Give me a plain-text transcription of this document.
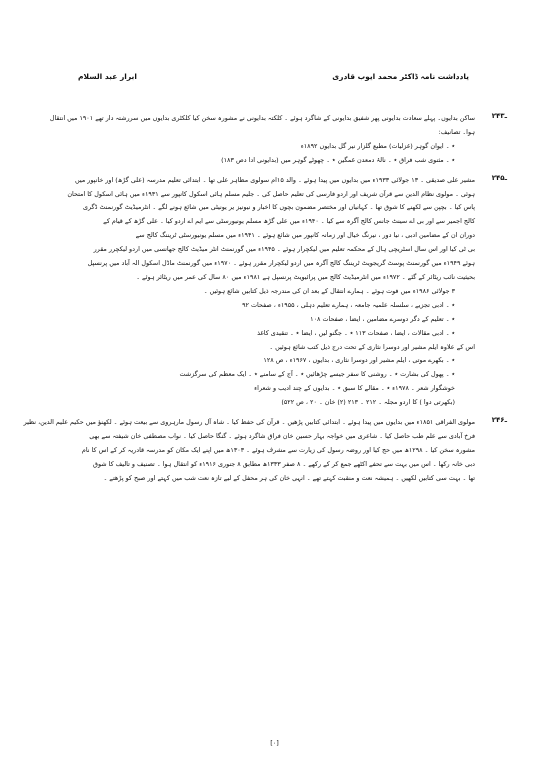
یادداشت نامہ ڈاکٹر محمد ایوب قادری
ابرار عبد السلام
۲۴۳ـ
ساکن بدایوں۔ پہلے سعادت بدایونی پھر شفیق بدایونی کے شاگرد ہوئے ۔ کلکتہ بدایونی نے مشورہ سخن کیا کلکٹری بدایوں میں سررشتہ دار تھے ۱۹۰۱ میں انتقال
ہوا۔ تصانیف:
٭ ۔ ایوان گوہر (غزلیات) مطبع گلزار نیر گل بدایوں ۱۸۹۲ء
٭ ۔ مثنوی شب فراق ٭ ۔ نالۂ دمعدن غمگین ٭ ۔ چھوٹے گوہر میں (بدایونی ادا دص ۱۸۳)
۲۴۵ـ
مشیر علی صدیقی ۔ ۱۳ جولائی ۱۹۳۳ء میں بدایوں میں پیدا ہوئے ۔ والد ۱۵ام سولوی مظاہر علی تھا ۔ ابتدائی تعلیم مدرسہ (علی گڑھ) اور خانپور میں
ہوئی ۔ مولوی نظام الدین سے قرآن شریف اور اردو فارسی کی تعلیم حاصل کی ۔ جلیم مسلم ہائی اسکول کانپور سے ۱۹۳۱ء میں ہائی اسکول کا امتحان
پاس کیا ۔ بچپن سے لکھنے کا شوق تھا ۔ کہانیاں اور مختصر مضمون بچوں کا اخبار و نیونیز یر یونیٹی میں شائع ہونے لگے ۔ انٹرمیڈیٹ گورنمنٹ ڈگری
کالج اجمیر سے اور بی اے سینٹ جانس کالج آگرہ سے کیا ۔ ۱۹۴۰ء میں علی گڑھ مسلم یونیورسٹی سے ایم اے اردو کیا ۔ علی گڑھ کے قیام کے
دوران ان کے مضامین ادبی ، نیا دور ، نیرنگ خیال اور زمانہ کانپور میں شائع ہوئے ۔ ۱۹۴۱ء میں مسلم یونیورسٹی ٹریننگ کالج سے
بی ٹی کیا اور اس سال اسٹریچی ہال کے محکمہ تعلیم میں لیکچرار ہوئے ۔ ۱۹۴۵ء میں گورنمنٹ انٹر میڈیٹ کالج جھانسی میں اردو لیکچرر مقرر
ہوئے ۱۹۴۹ء میں گورنمنٹ پوسٹ گریجویٹ ٹریننگ کالج آگرہ میں اردو لیکچرار مقرر ہوئے ۔ ۱۹۷۰ء میں گورنمنٹ ماڈل اسکول الہ آباد میں پرنسپل
بحیثیت نائب ریٹائر کے گئے ۔ ۱۹۷۲ء میں انٹرمیڈیٹ کالج میں پرائیویٹ پرنسپل ہے ۱۹۸۱ء میں ۸۰ سال کی عمر میں ریٹائر ہوئے ۔
۳ جولائی ۱۹۸۶ء میں فوت ہوئے ۔ ہمارے انتقال کے بعد ان کی مندرجہ ذیل کتابیں شائع ہوئیں ۔
٭ ۔ ادبی تجزیے ، سلسلہ علمیہ جامعہ ، ہمارے تعلیم دہلی ، ۱۹۵۵ء ، صفحات ۹۲
٭ ۔ تعلیم کے دگر دوسرے مضامین ، ایضا ، صفحات ۱۰۸
٭ ۔ ادبی مقالات ، ایضا ، صفحات ۱۱۳ ٭ ۔ جگنو لیں ، ایضا ٭ ۔ تنقیدی کاغذ
اس کے علاوہ ایلم مشیر اور دوسرا نثاری کے تحت درج ذیل کتب شائع ہوئیں ۔
٭ ۔ بکھرے موتی ، ایلم مشیر اور دوسرا نثاری ، بدایوں ، ۱۹۶۷ء ، ص ۱۲۸
٭ ۔ پھول کی بشارت ٭ ۔ روشنی کا سفر جیسے چڑھائیں ٭ ۔ آج کے سامنے ٭ ۔ ایک معظم کی سرگزشت
خوشگوار شعر ۔ ۱۹۷۸ء ٭ ۔ مقالے کا سبق ٭ ۔ بدایوں کے چند ادیب و شعراء
(بکھرتی دوا ) کا اردو مجلہ ۔ ۲۱۲ ۔ ۲۱۳ (۲) خان ۔ ۲۰ ، ص ۵۲۲)
۲۴۶ـ
مولوی الفراقی ۱۸۵۱ء میں بدایوں میں پیدا ہوئے ۔ ابتدائی کتابیں پڑھیں ۔ قرآن کی حفظ کیا ۔ شاہ آل رسول مارہروی سے بیعت ہوئے ۔ لکھنؤ میں حکیم علیم الدین، نظیر
فرخ آبادی سے علم طب حاصل کیا ۔ شاعری میں خواجہ بہار حسین خان فراق شاگرد ہوئے ۔ گنگا حاصل کیا ۔ نواب مصطفی خان شیفتہ سے بھی
مشورہ سخن کیا ۔ ۱۲۹۸ھ میں حج کیا اور روضہ رسول کی زیارت سے مشرف ہوئے ۔ ۱۳۰۳ھ میں اپنے ایک مکان کو مدرسہ قادریہ کر کے اس کا نام
دبی خانہ رکھا ۔ اس میں بہت سے تحفے اکٹھے جمع کر کے رکھے ۔ ۸ صفر ۱۳۳۳ھ مطابق ۸ جنوری ۱۹۱۶ء کو انتقال ہوا ۔ تصنیف و تالیف کا شوق
تھا ۔ بہت سی کتابیں لکھیں ۔ ہمیشہ نعت و منقبت کہتے تھے ۔ انہی خان کی ہر محفل کے لیے تازہ نعت شب میں کہتے اور صبح کو پڑھتے ۔
[۰]
